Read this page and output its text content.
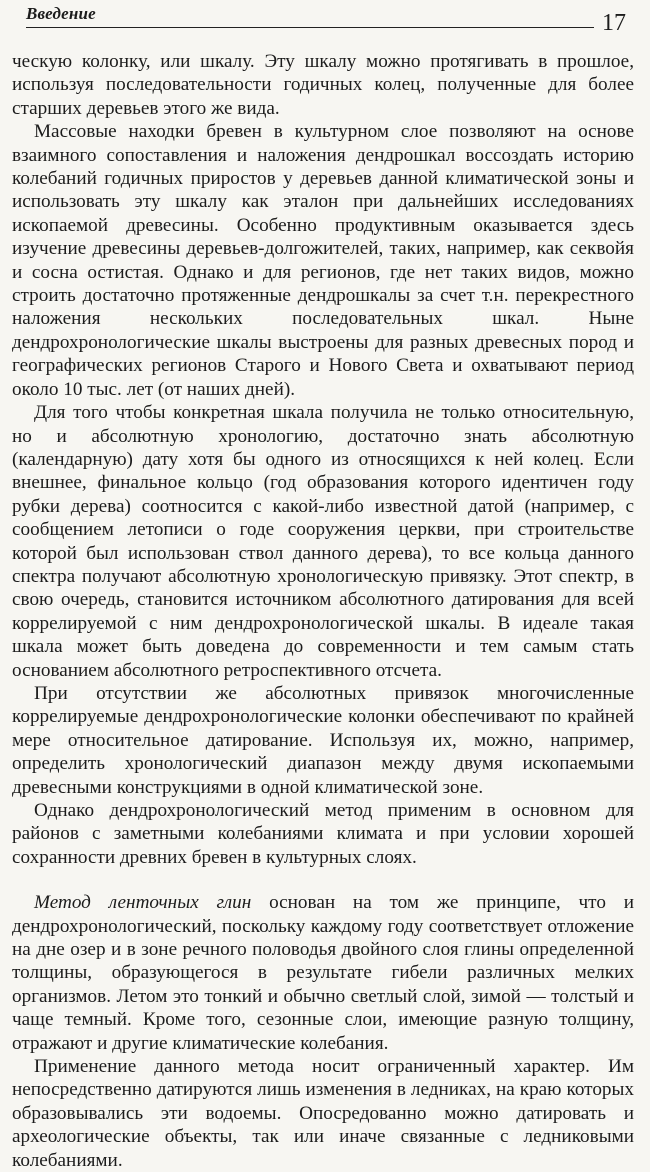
Введение	17

ческую колонку, или шкалу. Эту шкалу можно протягивать в прошлое, используя последовательности годичных колец, полученные для более старших деревьев этого же вида.

Массовые находки бревен в культурном слое позволяют на основе взаимного сопоставления и наложения дендрошкал воссоздать историю колебаний годичных приростов у деревьев данной климатической зоны и использовать эту шкалу как эталон при дальнейших исследованиях ископаемой древесины. Особенно продуктивным оказывается здесь изучение древесины деревьев-долгожителей, таких, например, как секвойя и сосна остистая. Однако и для регионов, где нет таких видов, можно строить достаточно протяженные дендрошкалы за счет т.н. перекрестного наложения нескольких последовательных шкал. Ныне дендрохронологические шкалы выстроены для разных древесных пород и географических регионов Старого и Нового Света и охватывают период около 10 тыс. лет (от наших дней).

Для того чтобы конкретная шкала получила не только относительную, но и абсолютную хронологию, достаточно знать абсолютную (календарную) дату хотя бы одного из относящихся к ней колец. Если внешнее, финальное кольцо (год образования которого идентичен году рубки дерева) соотносится с какой-либо известной датой (например, с сообщением летописи о годе сооружения церкви, при строительстве которой был использован ствол данного дерева), то все кольца данного спектра получают абсолютную хронологическую привязку. Этот спектр, в свою очередь, становится источником абсолютного датирования для всей коррелируемой с ним дендрохронологической шкалы. В идеале такая шкала может быть доведена до современности и тем самым стать основанием абсолютного ретроспективного отсчета.

При отсутствии же абсолютных привязок многочисленные коррелируемые дендрохронологические колонки обеспечивают по крайней мере относительное датирование. Используя их, можно, например, определить хронологический диапазон между двумя ископаемыми древесными конструкциями в одной климатической зоне.

Однако дендрохронологический метод применим в основном для районов с заметными колебаниями климата и при условии хорошей сохранности древних бревен в культурных слоях.

Метод ленточных глин основан на том же принципе, что и дендрохронологический, поскольку каждому году соответствует отложение на дне озер и в зоне речного половодья двойного слоя глины определенной толщины, образующегося в результате гибели различных мелких организмов. Летом это тонкий и обычно светлый слой, зимой — толстый и чаще темный. Кроме того, сезонные слои, имеющие разную толщину, отражают и другие климатические колебания.

Применение данного метода носит ограниченный характер. Им непосредственно датируются лишь изменения в ледниках, на краю которых образовывались эти водоемы. Опосредованно можно датировать и археологические объекты, так или иначе связанные с ледниковыми колебаниями.
